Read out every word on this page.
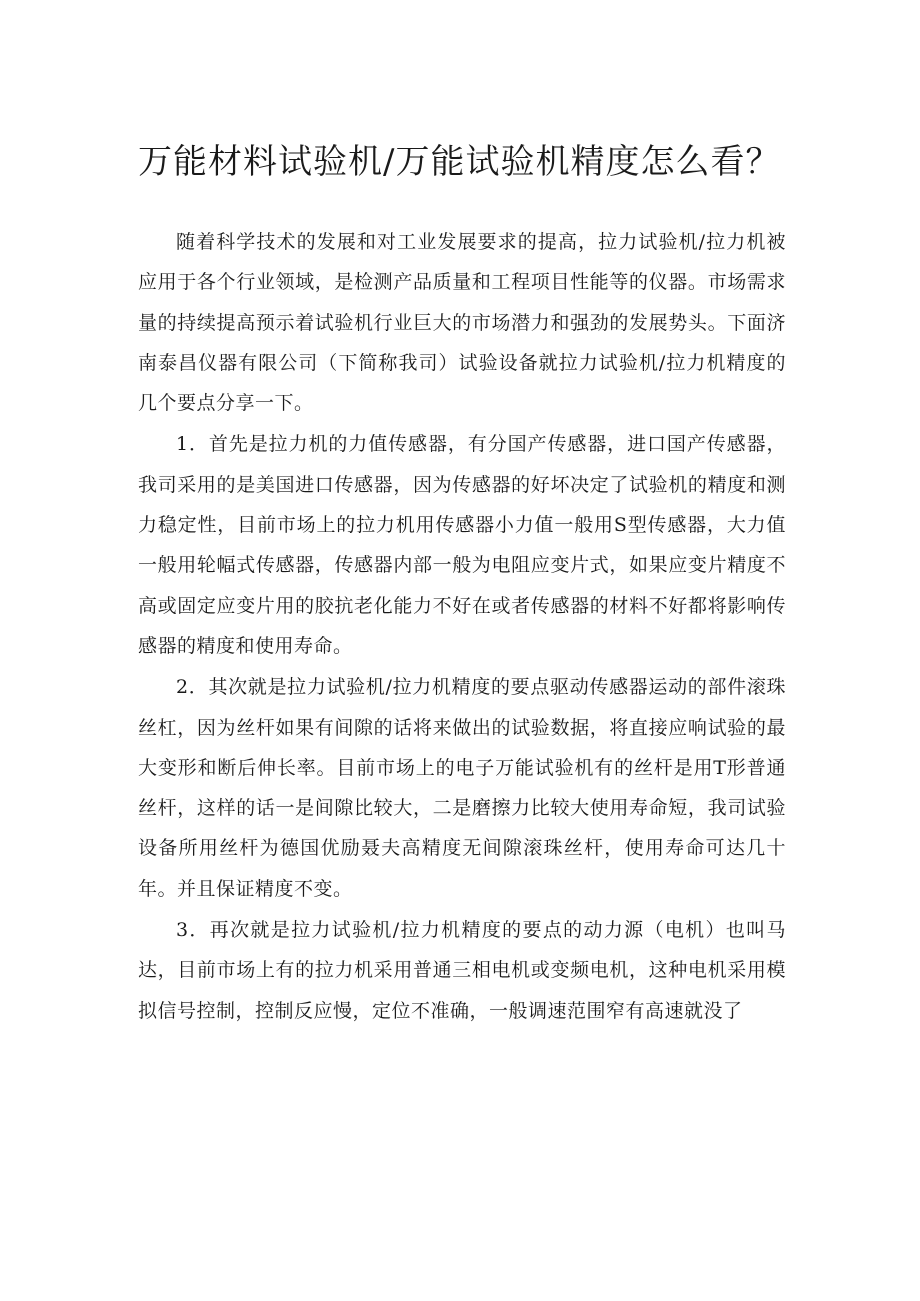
万能材料试验机/万能试验机精度怎么看？

随着科学技术的发展和对工业发展要求的提高，拉力试验机/拉力机被应用于各个行业领域，是检测产品质量和工程项目性能等的仪器。市场需求量的持续提高预示着试验机行业巨大的市场潜力和强劲的发展势头。下面济南泰昌仪器有限公司（下简称我司）试验设备就拉力试验机/拉力机精度的几个要点分享一下。

1．首先是拉力机的力值传感器，有分国产传感器，进口国产传感器，我司采用的是美国进口传感器，因为传感器的好坏决定了试验机的精度和测力稳定性，目前市场上的拉力机用传感器小力值一般用S型传感器，大力值一般用轮幅式传感器，传感器内部一般为电阻应变片式，如果应变片精度不高或固定应变片用的胶抗老化能力不好在或者传感器的材料不好都将影响传感器的精度和使用寿命。

2．其次就是拉力试验机/拉力机精度的要点驱动传感器运动的部件滚珠丝杠，因为丝杆如果有间隙的话将来做出的试验数据，将直接应响试验的最大变形和断后伸长率。目前市场上的电子万能试验机有的丝杆是用T形普通丝杆，这样的话一是间隙比较大，二是磨擦力比较大使用寿命短，我司试验设备所用丝杆为德国优励聂夫高精度无间隙滚珠丝杆，使用寿命可达几十年。并且保证精度不变。

3．再次就是拉力试验机/拉力机精度的要点的动力源（电机）也叫马达，目前市场上有的拉力机采用普通三相电机或变频电机，这种电机采用模拟信号控制，控制反应慢，定位不准确，一般调速范围窄有高速就没了
